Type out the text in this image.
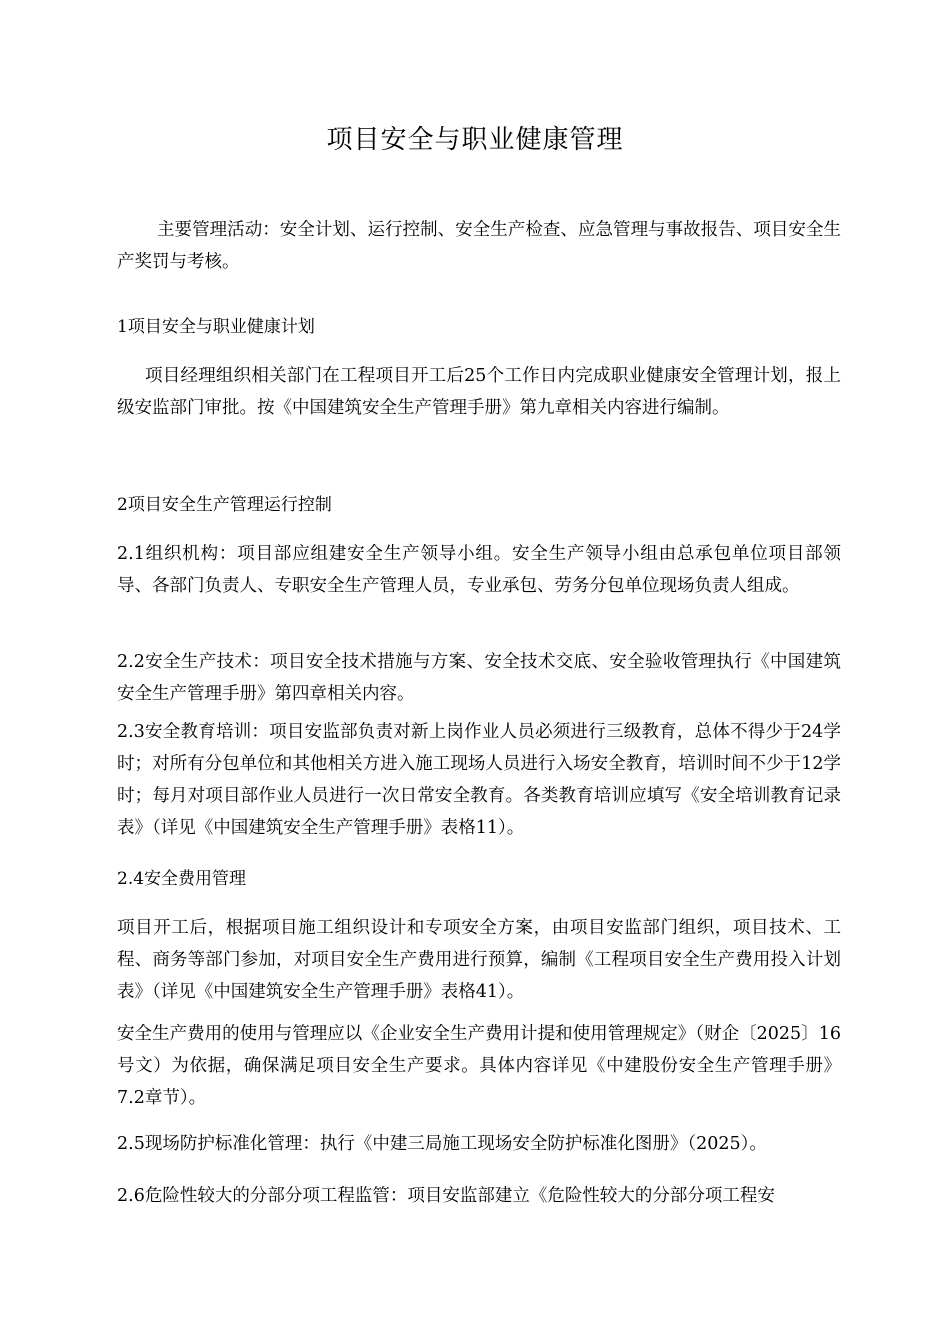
项目安全与职业健康管理

主要管理活动：安全计划、运行控制、安全生产检查、应急管理与事故报告、项目安全生产奖罚与考核。

1项目安全与职业健康计划

项目经理组织相关部门在工程项目开工后25个工作日内完成职业健康安全管理计划，报上级安监部门审批。按《中国建筑安全生产管理手册》第九章相关内容进行编制。

2项目安全生产管理运行控制

2.1组织机构：项目部应组建安全生产领导小组。安全生产领导小组由总承包单位项目部领导、各部门负责人、专职安全生产管理人员，专业承包、劳务分包单位现场负责人组成。

2.2安全生产技术：项目安全技术措施与方案、安全技术交底、安全验收管理执行《中国建筑安全生产管理手册》第四章相关内容。

2.3安全教育培训：项目安监部负责对新上岗作业人员必须进行三级教育，总体不得少于24学时；对所有分包单位和其他相关方进入施工现场人员进行入场安全教育，培训时间不少于12学时；每月对项目部作业人员进行一次日常安全教育。各类教育培训应填写《安全培训教育记录表》（详见《中国建筑安全生产管理手册》表格11）。

2.4安全费用管理

项目开工后，根据项目施工组织设计和专项安全方案，由项目安监部门组织，项目技术、工程、商务等部门参加，对项目安全生产费用进行预算，编制《工程项目安全生产费用投入计划表》（详见《中国建筑安全生产管理手册》表格41）。

安全生产费用的使用与管理应以《企业安全生产费用计提和使用管理规定》（财企〔2025〕16号文）为依据，确保满足项目安全生产要求。具体内容详见《中建股份安全生产管理手册》7.2章节）。

2.5现场防护标准化管理：执行《中建三局施工现场安全防护标准化图册》（2025）。

2.6危险性较大的分部分项工程监管：项目安监部建立《危险性较大的分部分项工程安
